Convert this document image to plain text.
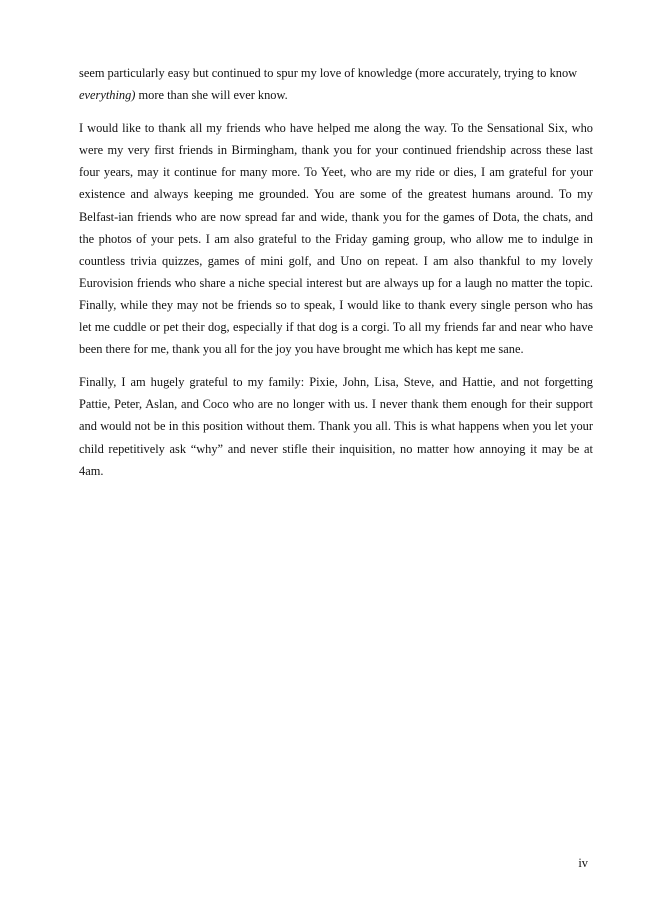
seem particularly easy but continued to spur my love of knowledge (more accurately, trying to know everything) more than she will ever know.

I would like to thank all my friends who have helped me along the way. To the Sensational Six, who were my very first friends in Birmingham, thank you for your continued friendship across these last four years, may it continue for many more. To Yeet, who are my ride or dies, I am grateful for your existence and always keeping me grounded. You are some of the greatest humans around. To my Belfast-ian friends who are now spread far and wide, thank you for the games of Dota, the chats, and the photos of your pets. I am also grateful to the Friday gaming group, who allow me to indulge in countless trivia quizzes, games of mini golf, and Uno on repeat. I am also thankful to my lovely Eurovision friends who share a niche special interest but are always up for a laugh no matter the topic. Finally, while they may not be friends so to speak, I would like to thank every single person who has let me cuddle or pet their dog, especially if that dog is a corgi. To all my friends far and near who have been there for me, thank you all for the joy you have brought me which has kept me sane.

Finally, I am hugely grateful to my family: Pixie, John, Lisa, Steve, and Hattie, and not forgetting Pattie, Peter, Aslan, and Coco who are no longer with us. I never thank them enough for their support and would not be in this position without them. Thank you all. This is what happens when you let your child repetitively ask “why” and never stifle their inquisition, no matter how annoying it may be at 4am.

iv
